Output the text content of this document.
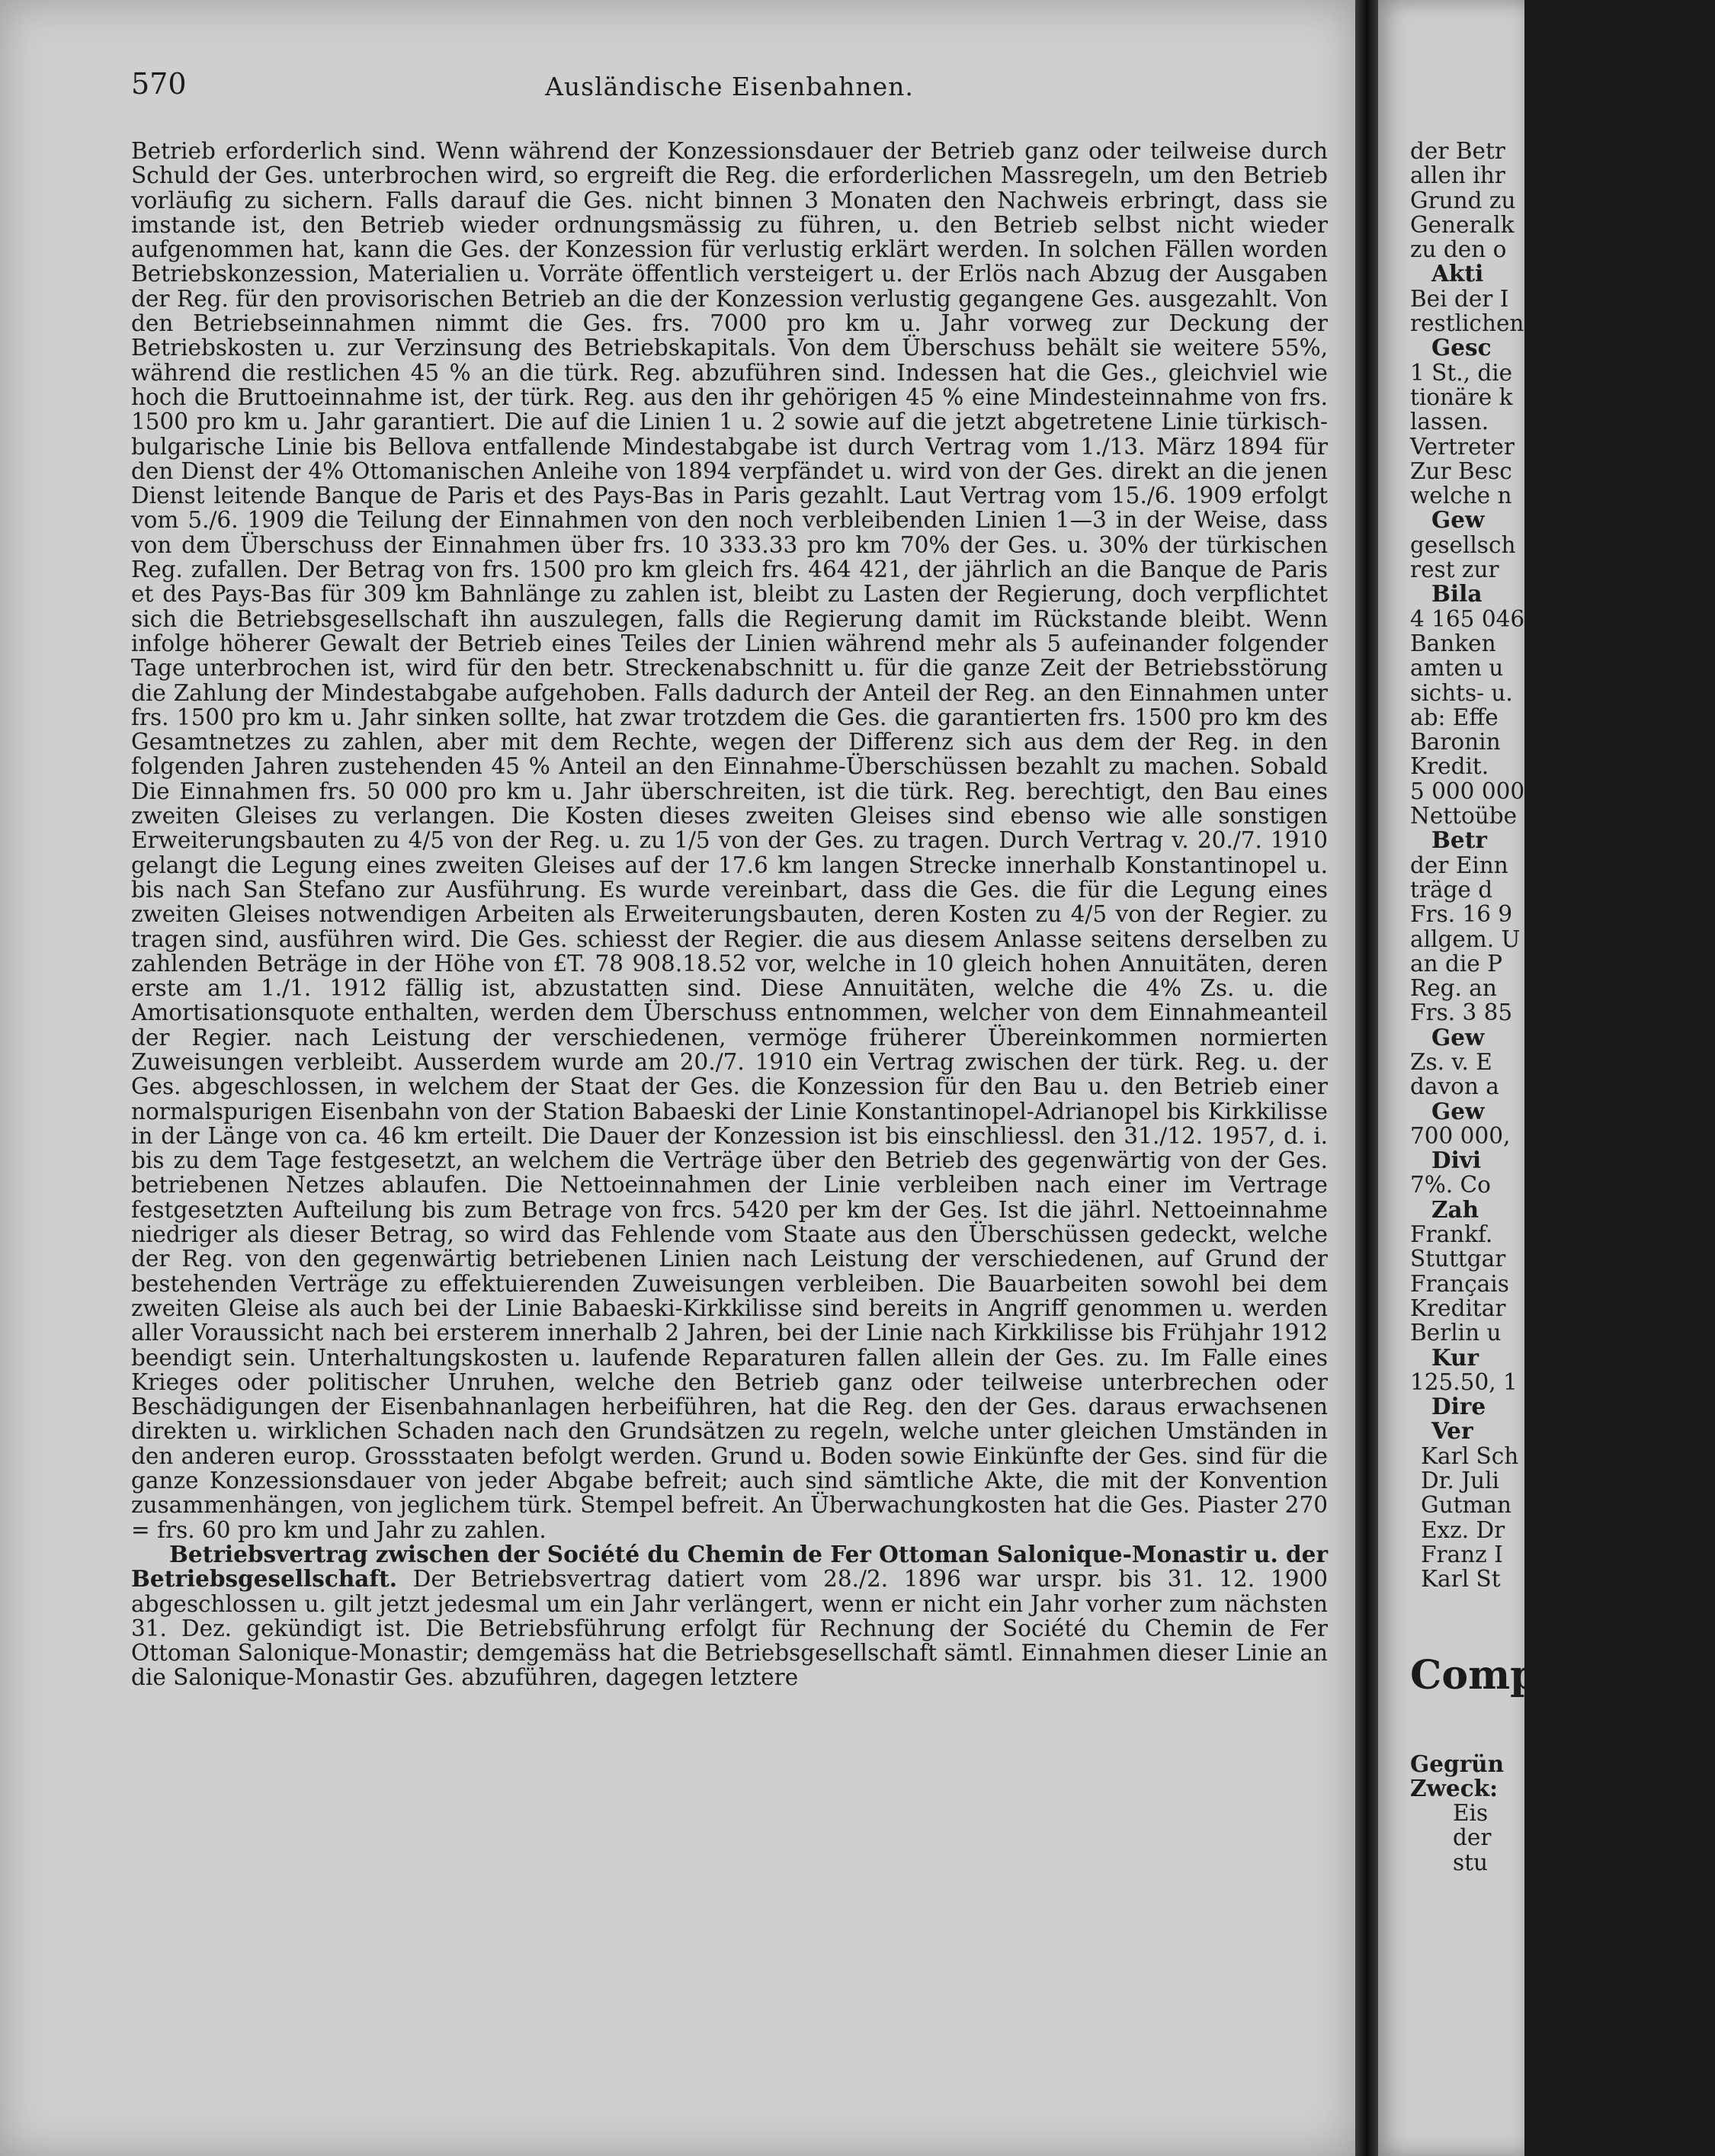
570	Ausländische Eisenbahnen.

Betrieb erforderlich sind. Wenn während der Konzessionsdauer der Betrieb ganz oder teilweise durch Schuld der Ges. unterbrochen wird, so ergreift die Reg. die erforderlichen Massregeln, um den Betrieb vorläufig zu sichern. Falls darauf die Ges. nicht binnen 3 Monaten den Nachweis erbringt, dass sie imstande ist, den Betrieb wieder ordnungsmässig zu führen, u. den Betrieb selbst nicht wieder aufgenommen hat, kann die Ges. der Konzession für verlustig erklärt werden. In solchen Fällen worden Betriebskonzession, Materialien u. Vorräte öffentlich versteigert u. der Erlös nach Abzug der Ausgaben der Reg. für den provisorischen Betrieb an die der Konzession verlustig gegangene Ges. ausgezahlt. Von den Betriebseinnahmen nimmt die Ges. frs. 7000 pro km u. Jahr vorweg zur Deckung der Betriebskosten u. zur Verzinsung des Betriebskapitals. Von dem Überschuss behält sie weitere 55%, während die restlichen 45 % an die türk. Reg. abzuführen sind. Indessen hat die Ges., gleichviel wie hoch die Bruttoeinnahme ist, der türk. Reg. aus den ihr gehörigen 45 % eine Mindesteinnahme von frs. 1500 pro km u. Jahr garantiert. Die auf die Linien 1 u. 2 sowie auf die jetzt abgetretene Linie türkisch-bulgarische Linie bis Bellova entfallende Mindestabgabe ist durch Vertrag vom 1./13. März 1894 für den Dienst der 4% Ottomanischen Anleihe von 1894 verpfändet u. wird von der Ges. direkt an die jenen Dienst leitende Banque de Paris et des Pays-Bas in Paris gezahlt. Laut Vertrag vom 15./6. 1909 erfolgt vom 5./6. 1909 die Teilung der Einnahmen von den noch verbleibenden Linien 1—3 in der Weise, dass von dem Überschuss der Einnahmen über frs. 10 333.33 pro km 70% der Ges. u. 30% der türkischen Reg. zufallen. Der Betrag von frs. 1500 pro km gleich frs. 464 421, der jährlich an die Banque de Paris et des Pays-Bas für 309 km Bahnlänge zu zahlen ist, bleibt zu Lasten der Regierung, doch verpflichtet sich die Betriebsgesellschaft ihn auszulegen, falls die Regierung damit im Rückstande bleibt. Wenn infolge höherer Gewalt der Betrieb eines Teiles der Linien während mehr als 5 aufeinander folgender Tage unterbrochen ist, wird für den betr. Streckenabschnitt u. für die ganze Zeit der Betriebsstörung die Zahlung der Mindestabgabe aufgehoben. Falls dadurch der Anteil der Reg. an den Einnahmen unter frs. 1500 pro km u. Jahr sinken sollte, hat zwar trotzdem die Ges. die garantierten frs. 1500 pro km des Gesamtnetzes zu zahlen, aber mit dem Rechte, wegen der Differenz sich aus dem der Reg. in den folgenden Jahren zustehenden 45 % Anteil an den Einnahme-Überschüssen bezahlt zu machen. Sobald Die Einnahmen frs. 50 000 pro km u. Jahr überschreiten, ist die türk. Reg. berechtigt, den Bau eines zweiten Gleises zu verlangen. Die Kosten dieses zweiten Gleises sind ebenso wie alle sonstigen Erweiterungsbauten zu 4/5 von der Reg. u. zu 1/5 von der Ges. zu tragen. Durch Vertrag v. 20./7. 1910 gelangt die Legung eines zweiten Gleises auf der 17.6 km langen Strecke innerhalb Konstantinopel u. bis nach San Stefano zur Ausführung. Es wurde vereinbart, dass die Ges. die für die Legung eines zweiten Gleises notwendigen Arbeiten als Erweiterungsbauten, deren Kosten zu 4/5 von der Regier. zu tragen sind, ausführen wird. Die Ges. schiesst der Regier. die aus diesem Anlasse seitens derselben zu zahlenden Beträge in der Höhe von £T. 78 908.18.52 vor, welche in 10 gleich hohen Annuitäten, deren erste am 1./1. 1912 fällig ist, abzustatten sind. Diese Annuitäten, welche die 4% Zs. u. die Amortisationsquote enthalten, werden dem Überschuss entnommen, welcher von dem Einnahmeanteil der Regier. nach Leistung der verschiedenen, vermöge früherer Übereinkommen normierten Zuweisungen verbleibt. Ausserdem wurde am 20./7. 1910 ein Vertrag zwischen der türk. Reg. u. der Ges. abgeschlossen, in welchem der Staat der Ges. die Konzession für den Bau u. den Betrieb einer normalspurigen Eisenbahn von der Station Babaeski der Linie Konstantinopel-Adrianopel bis Kirkkilisse in der Länge von ca. 46 km erteilt. Die Dauer der Konzession ist bis einschliessl. den 31./12. 1957, d. i. bis zu dem Tage festgesetzt, an welchem die Verträge über den Betrieb des gegenwärtig von der Ges. betriebenen Netzes ablaufen. Die Nettoeinnahmen der Linie verbleiben nach einer im Vertrage festgesetzten Aufteilung bis zum Betrage von frcs. 5420 per km der Ges. Ist die jährl. Nettoeinnahme niedriger als dieser Betrag, so wird das Fehlende vom Staate aus den Überschüssen gedeckt, welche der Reg. von den gegenwärtig betriebenen Linien nach Leistung der verschiedenen, auf Grund der bestehenden Verträge zu effektuierenden Zuweisungen verbleiben. Die Bauarbeiten sowohl bei dem zweiten Gleise als auch bei der Linie Babaeski-Kirkkilisse sind bereits in Angriff genommen u. werden aller Voraussicht nach bei ersterem innerhalb 2 Jahren, bei der Linie nach Kirkkilisse bis Frühjahr 1912 beendigt sein. Unterhaltungskosten u. laufende Reparaturen fallen allein der Ges. zu. Im Falle eines Krieges oder politischer Unruhen, welche den Betrieb ganz oder teilweise unterbrechen oder Beschädigungen der Eisenbahnanlagen herbeiführen, hat die Reg. den der Ges. daraus erwachsenen direkten u. wirklichen Schaden nach den Grundsätzen zu regeln, welche unter gleichen Umständen in den anderen europ. Grossstaaten befolgt werden. Grund u. Boden sowie Einkünfte der Ges. sind für die ganze Konzessionsdauer von jeder Abgabe befreit; auch sind sämtliche Akte, die mit der Konvention zusammenhängen, von jeglichem türk. Stempel befreit. An Überwachungkosten hat die Ges. Piaster 270 = frs. 60 pro km und Jahr zu zahlen.

Betriebsvertrag zwischen der Société du Chemin de Fer Ottoman Salonique-Monastir u. der Betriebsgesellschaft. Der Betriebsvertrag datiert vom 28./2. 1896 war urspr. bis 31. 12. 1900 abgeschlossen u. gilt jetzt jedesmal um ein Jahr verlängert, wenn er nicht ein Jahr vorher zum nächsten 31. Dez. gekündigt ist. Die Betriebsführung erfolgt für Rechnung der Société du Chemin de Fer Ottoman Salonique-Monastir; demgemäss hat die Betriebsgesellschaft sämtl. Einnahmen dieser Linie an die Salonique-Monastir Ges. abzuführen, dagegen letztere

der Betr
allen ihr
Grund zu
Generalk
zu den o
Akti
Bei der I
restlichen
Gesc
1 St., die
tionäre k
lassen.
Vertreter
Zur Besc
welche n
Gew
gesellsch
rest zur
Bila
4 165 046
Banken
amten u
sichts- u.
ab: Effe
Baronin
Kredit.
5 000 000
Nettoübe
Betr
der Einn
träge d
Frs. 16 9
allgem. U
an die P
Reg. an
Frs. 3 85
Gew
Zs. v. E
davon a
Gew
700 000,
Divi
7%. Co
Zah
Frankf.
Stuttgar
Français
Kreditar
Berlin u
Kur
125.50, 1
Dire
Ver
Karl Sch
Dr. Juli
Gutman
Exz. Dr
Franz I
Karl St
Comp
Gegrün
Zweck:
Eis
der
stu
